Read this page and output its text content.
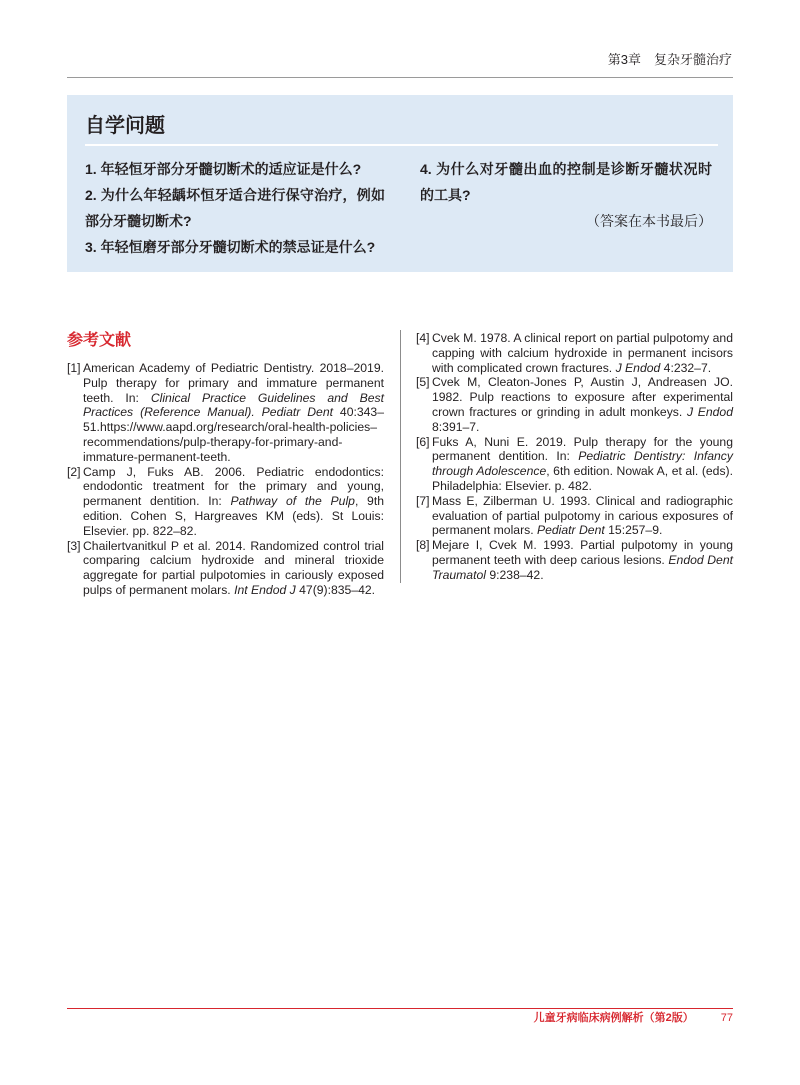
第3章　复杂牙髓治疗
自学问题

1. 年轻恒牙部分牙髓切断术的适应证是什么?

2. 为什么年轻龋坏恒牙适合进行保守治疗，例如部分牙髓切断术?

3. 年轻恒磨牙部分牙髓切断术的禁忌证是什么?

4. 为什么对牙髓出血的控制是诊断牙髓状况时的工具?

（答案在本书最后）

参考文献

[1] American Academy of Pediatric Dentistry. 2018–2019. Pulp therapy for primary and immature permanent teeth. In: Clinical Practice Guidelines and Best Practices (Reference Manual). Pediatr Dent 40:343–51.https://www.aapd.org/research/oral-health-policies–recommendations/pulp-therapy-for-primary-and-immature-permanent-teeth.

[2] Camp J, Fuks AB. 2006. Pediatric endodontics: endodontic treatment for the primary and young, permanent dentition. In: Pathway of the Pulp, 9th edition. Cohen S, Hargreaves KM (eds). St Louis: Elsevier. pp. 822–82.

[3] Chailertvanitkul P et al. 2014. Randomized control trial comparing calcium hydroxide and mineral trioxide aggregate for partial pulpotomies in cariously exposed pulps of permanent molars. Int Endod J 47(9):835–42.

[4] Cvek M. 1978. A clinical report on partial pulpotomy and capping with calcium hydroxide in permanent incisors with complicated crown fractures. J Endod 4:232–7.

[5] Cvek M, Cleaton-Jones P, Austin J, Andreasen JO. 1982. Pulp reactions to exposure after experimental crown fractures or grinding in adult monkeys. J Endod 8:391–7.

[6] Fuks A, Nuni E. 2019. Pulp therapy for the young permanent dentition. In: Pediatric Dentistry: Infancy through Adolescence, 6th edition. Nowak A, et al. (eds). Philadelphia: Elsevier. p. 482.

[7] Mass E, Zilberman U. 1993. Clinical and radiographic evaluation of partial pulpotomy in carious exposures of permanent molars. Pediatr Dent 15:257–9.

[8] Mejare I, Cvek M. 1993. Partial pulpotomy in young permanent teeth with deep carious lesions. Endod Dent Traumatol 9:238–42.

儿童牙病临床病例解析（第2版） 77
